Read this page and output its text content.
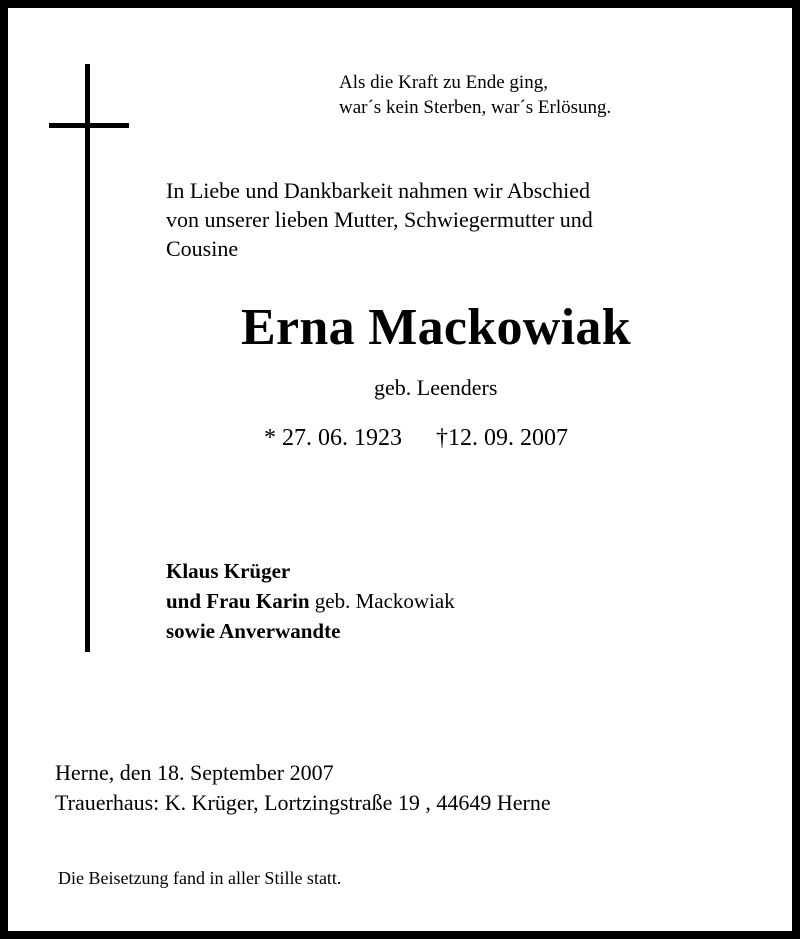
Als die Kraft zu Ende ging,
war´s kein Sterben, war´s Erlösung.
In Liebe und Dankbarkeit nahmen wir Abschied
von unserer lieben Mutter, Schwiegermutter und
Cousine
Erna Mackowiak
geb. Leenders
* 27. 06. 1923 †12. 09. 2007
Klaus Krüger
und Frau Karin geb. Mackowiak
sowie Anverwandte
Herne, den 18. September 2007
Trauerhaus: K. Krüger, Lortzingstraße 19 , 44649 Herne
Die Beisetzung fand in aller Stille statt.
